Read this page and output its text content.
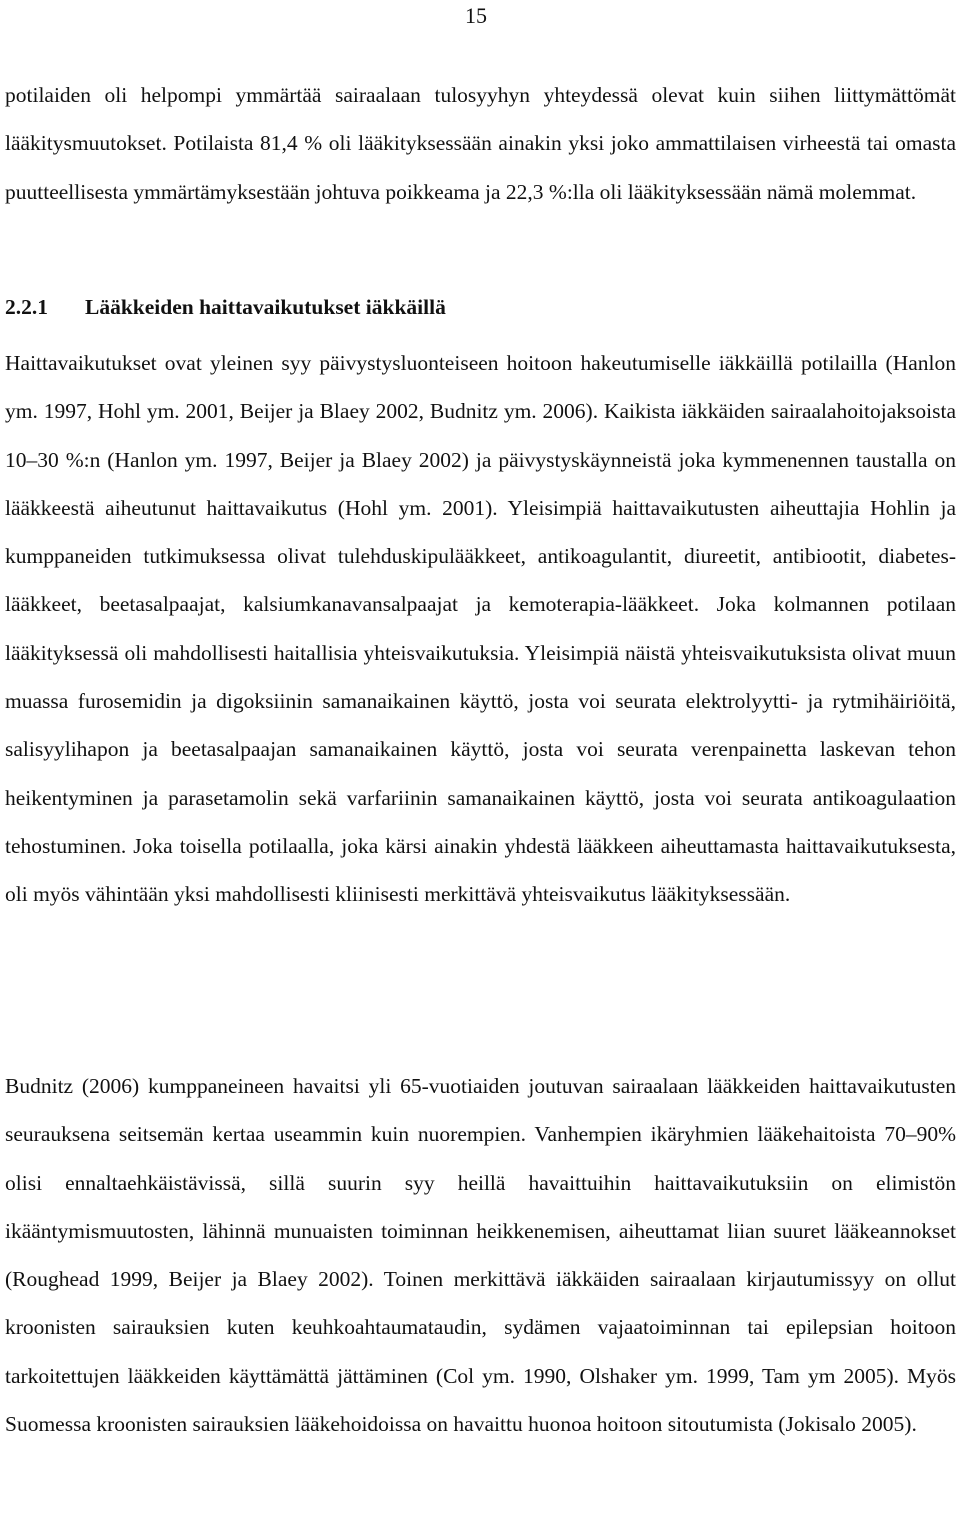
15

potilaiden oli helpompi ymmärtää sairaalaan tulosyyhyn yhteydessä olevat kuin siihen liittymättömät lääkitysmuutokset. Potilaista 81,4 % oli lääkityksessään ainakin yksi joko ammattilaisen virheestä tai omasta puutteellisesta ymmärtämyksestään johtuva poikkeama ja 22,3 %:lla oli lääkityksessään nämä molemmat.

2.2.1 Lääkkeiden haittavaikutukset iäkkäillä

Haittavaikutukset ovat yleinen syy päivystysluonteiseen hoitoon hakeutumiselle iäkkäillä potilailla (Hanlon ym. 1997, Hohl ym. 2001, Beijer ja Blaey 2002, Budnitz ym. 2006). Kaikista iäkkäiden sairaalahoitojaksoista 10–30 %:n (Hanlon ym. 1997, Beijer ja Blaey 2002) ja päivystyskäynneistä joka kymmenennen taustalla on lääkkeestä aiheutunut haittavaikutus (Hohl ym. 2001). Yleisimpiä haittavaikutusten aiheuttajia Hohlin ja kumppaneiden tutkimuksessa olivat tulehduskipulääkkeet, antikoagulantit, diureetit, antibiootit, diabetes-lääkkeet, beetasalpaajat, kalsiumkanavansalpaajat ja kemoterapia-lääkkeet. Joka kolmannen potilaan lääkityksessä oli mahdollisesti haitallisia yhteisvaikutuksia. Yleisimpiä näistä yhteisvaikutuksista olivat muun muassa furosemidin ja digoksiinin samanaikainen käyttö, josta voi seurata elektrolyytti- ja rytmihäiriöitä, salisyylihapon ja beetasalpaajan samanaikainen käyttö, josta voi seurata verenpainetta laskevan tehon heikentyminen ja parasetamolin sekä varfariinin samanaikainen käyttö, josta voi seurata antikoagulaation tehostuminen. Joka toisella potilaalla, joka kärsi ainakin yhdestä lääkkeen aiheuttamasta haittavaikutuksesta, oli myös vähintään yksi mahdollisesti kliinisesti merkittävä yhteisvaikutus lääkityksessään.

Budnitz (2006) kumppaneineen havaitsi yli 65-vuotiaiden joutuvan sairaalaan lääkkeiden haittavaikutusten seurauksena seitsemän kertaa useammin kuin nuorempien. Vanhempien ikäryhmien lääkehaitoista 70–90% olisi ennaltaehkäistävissä, sillä suurin syy heillä havaittuihin haittavaikutuksiin on elimistön ikääntymismuutosten, lähinnä munuaisten toiminnan heikkenemisen, aiheuttamat liian suuret lääkeannokset (Roughead 1999, Beijer ja Blaey 2002). Toinen merkittävä iäkkäiden sairaalaan kirjautumissyy on ollut kroonisten sairauksien kuten keuhkoahtaumataudin, sydämen vajaatoiminnan tai epilepsian hoitoon tarkoitettujen lääkkeiden käyttämättä jättäminen (Col ym. 1990, Olshaker ym. 1999, Tam ym 2005). Myös Suomessa kroonisten sairauksien lääkehoidoissa on havaittu huonoa hoitoon sitoutumista (Jokisalo 2005).
